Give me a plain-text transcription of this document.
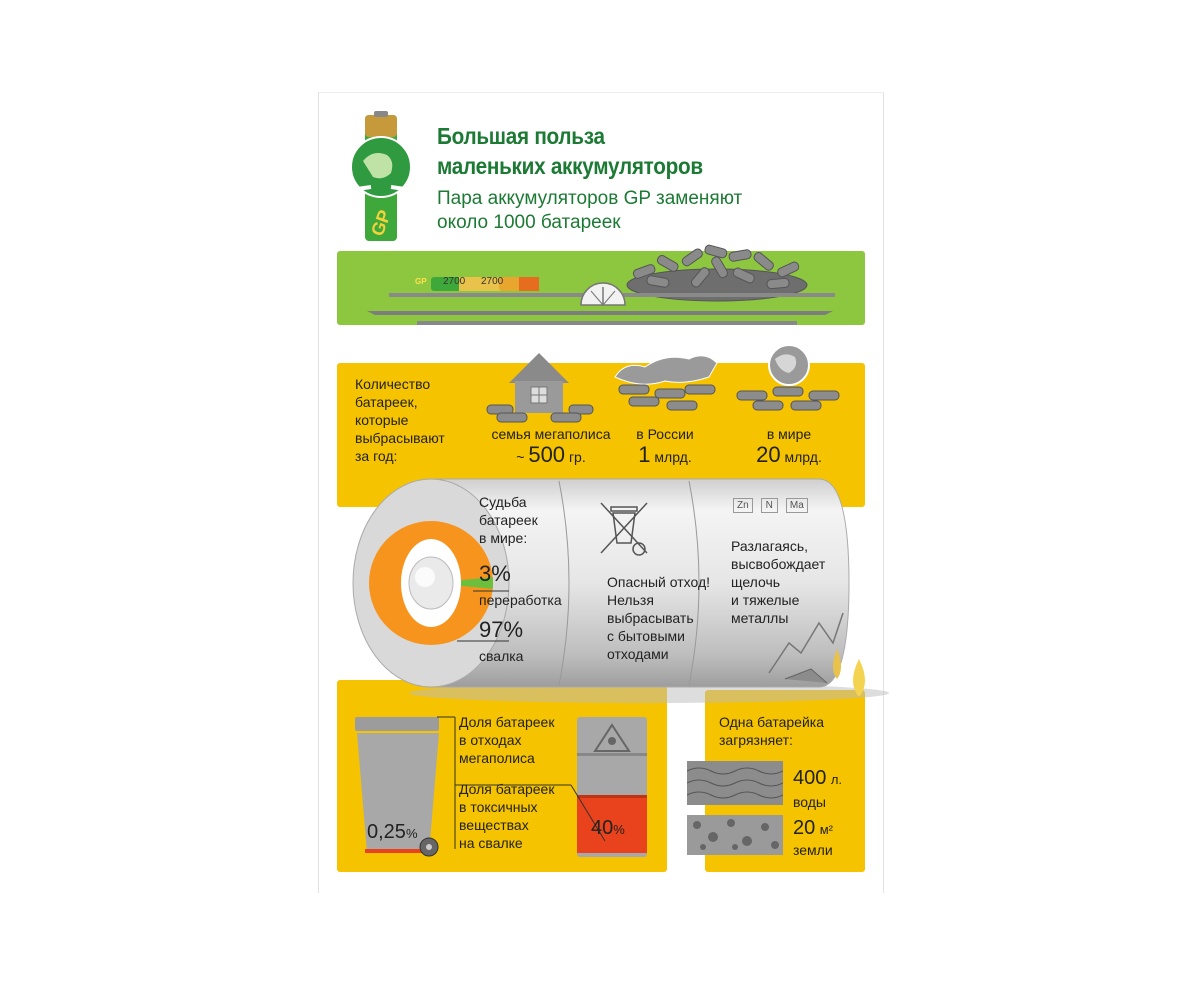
GP
Большая польза
маленьких аккумуляторов
Пара аккумуляторов GP заменяют
около 1000 батареек
GP 2700 2700
Количество
батареек,
которые
выбрасывают
за год:
семья мегаполиса
~ 500 гр.
в России
1 млрд.
в мире
20 млрд.
Судьба
батареек
в мире:
3%
переработка
97%
свалка
Опасный отход!
Нельзя
выбрасывать
с бытовыми
отходами
Zn	N	Ma
Разлагаясь,
высвобождает
щелочь
и тяжелые
металлы
0,25%
Доля батареек
в отходах
мегаполиса
Доля батареек
в токсичных
веществах
на свалке
40%
Одна батарейка
загрязняет:
400 л.
воды
20 м²
земли
